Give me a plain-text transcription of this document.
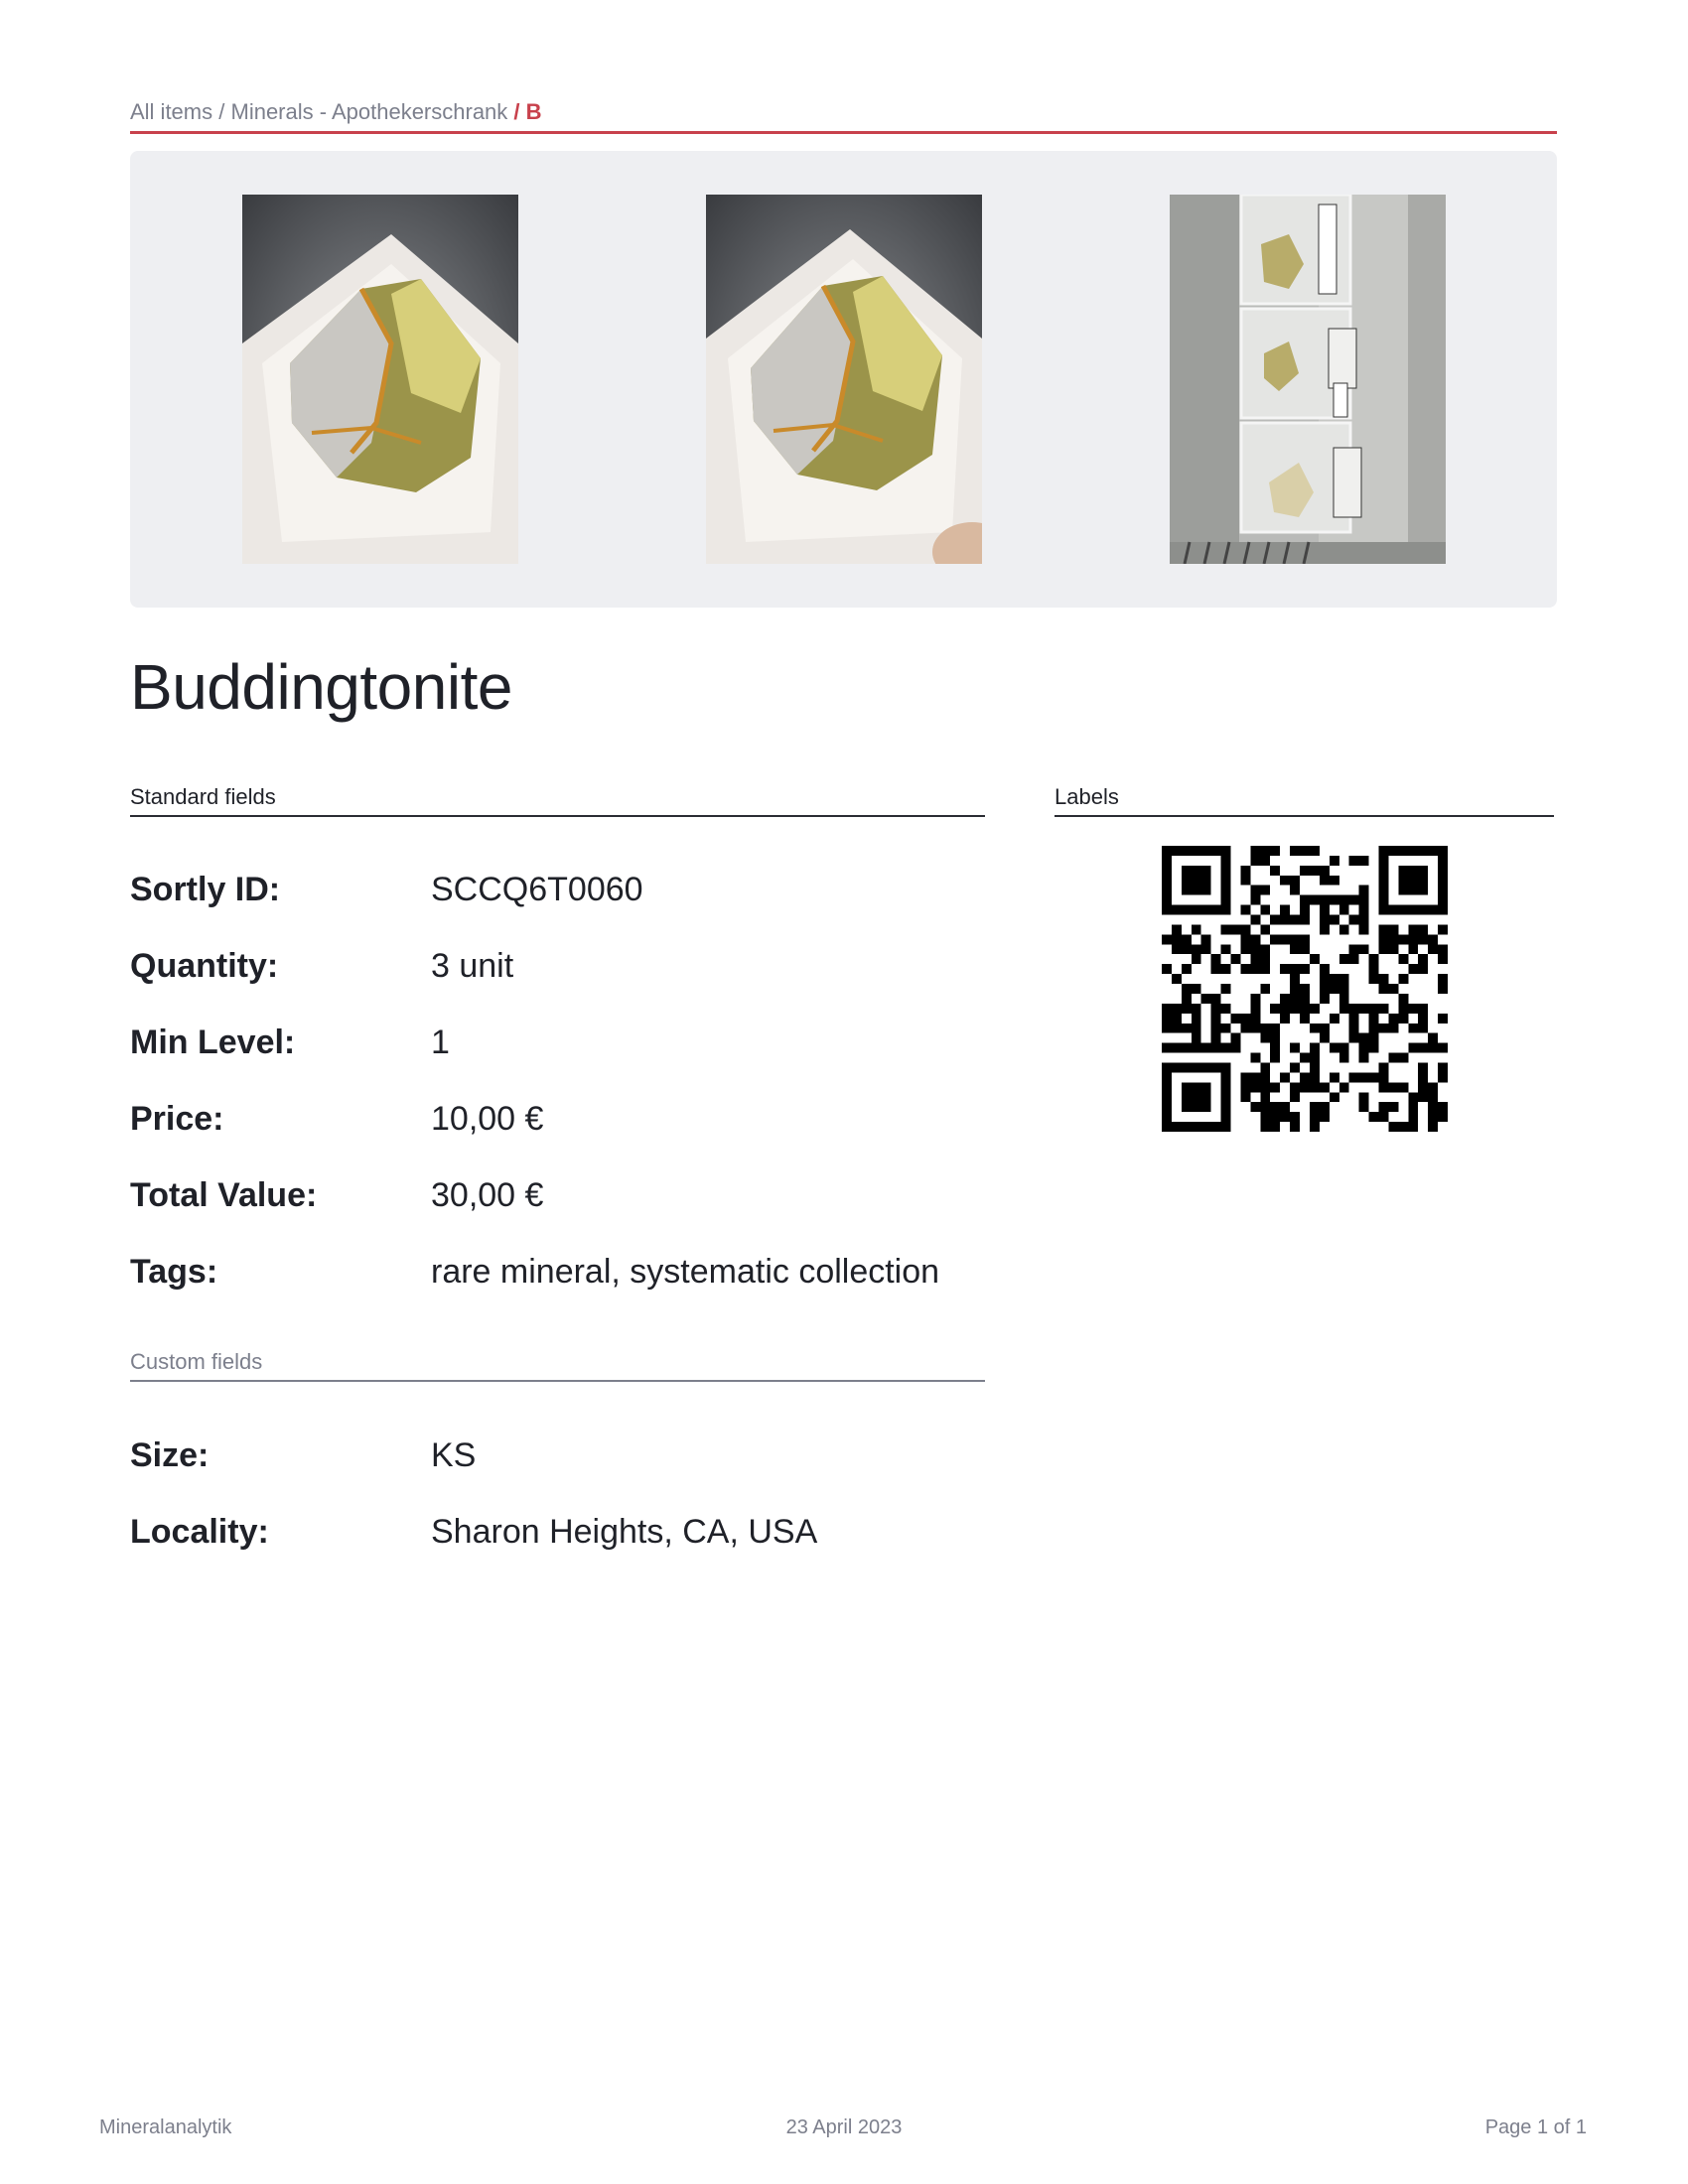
All items / Minerals - Apothekerschrank / B
Buddingtonite
Standard fields	Labels
Sortly ID:	SCCQ6T0060
Quantity:	3 unit
Min Level:	1
Price:	10,00 €
Total Value:	30,00 €
Tags:	rare mineral, systematic collection
Custom fields
Size:	KS
Locality:	Sharon Heights, CA, USA
Mineralanalytik	23 April 2023	Page 1 of 1
